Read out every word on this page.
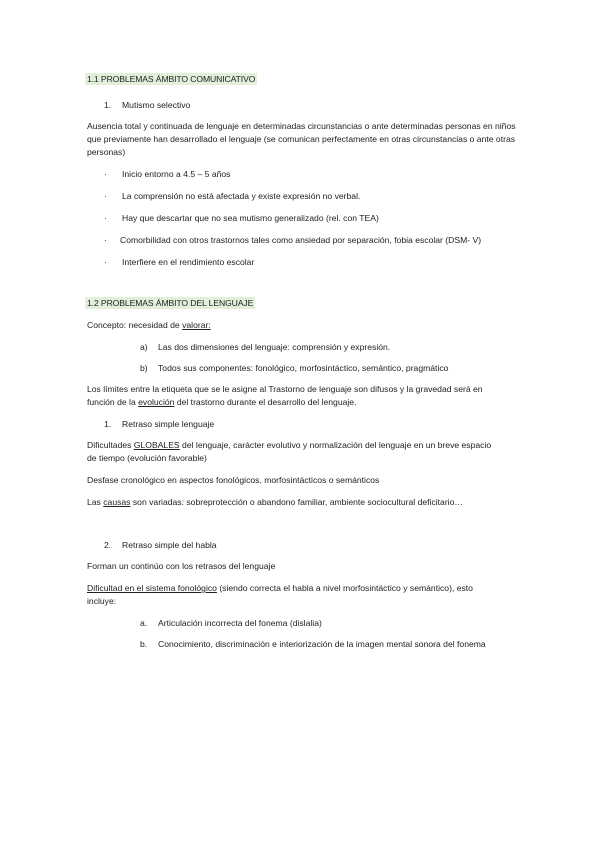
1.1 PROBLEMAS ÁMBITO COMUNICATIVO
1. Mutismo selectivo
Ausencia total y continuada de lenguaje en determinadas circunstancias o ante determinadas personas en niños que previamente han desarrollado el lenguaje (se comunican perfectamente en otras circunstancias o ante otras personas)
· Inicio entorno a 4.5 – 5 años
· La comprensión no está afectada y existe expresión no verbal.
· Hay que descartar que no sea mutismo generalizado (rel. con TEA)
· Comorbilidad con otros trastornos tales como ansiedad por separación, fobia escolar (DSM- V)
· Interfiere en el rendimiento escolar
1.2 PROBLEMAS ÁMBITO DEL LENGUAJE
Concepto: necesidad de valorar:
a) Las dos dimensiones del lenguaje: comprensión y expresión.
b) Todos sus componentes: fonológico, morfosintáctico, semántico, pragmático
Los límites entre la etiqueta que se le asigne al Trastorno de lenguaje son difusos y la gravedad será en
función de la evolución del trastorno durante el desarrollo del lenguaje.
1. Retraso simple lenguaje
Dificultades GLOBALES del lenguaje, carácter evolutivo y normalización del lenguaje en un breve espacio
de tiempo (evolución favorable)
Desfase cronológico en aspectos fonológicos, morfosintácticos o semánticos
Las causas son variadas: sobreprotección o abandono familiar, ambiente sociocultural deficitario…
2. Retraso simple del habla
Forman un continúo con los retrasos del lenguaje
Dificultad en el sistema fonológico (siendo correcta el habla a nivel morfosintáctico y semántico), esto
incluye:
a. Articulación incorrecta del fonema (dislalia)
b. Conocimiento, discriminación e interiorización de la imagen mental sonora del fonema
